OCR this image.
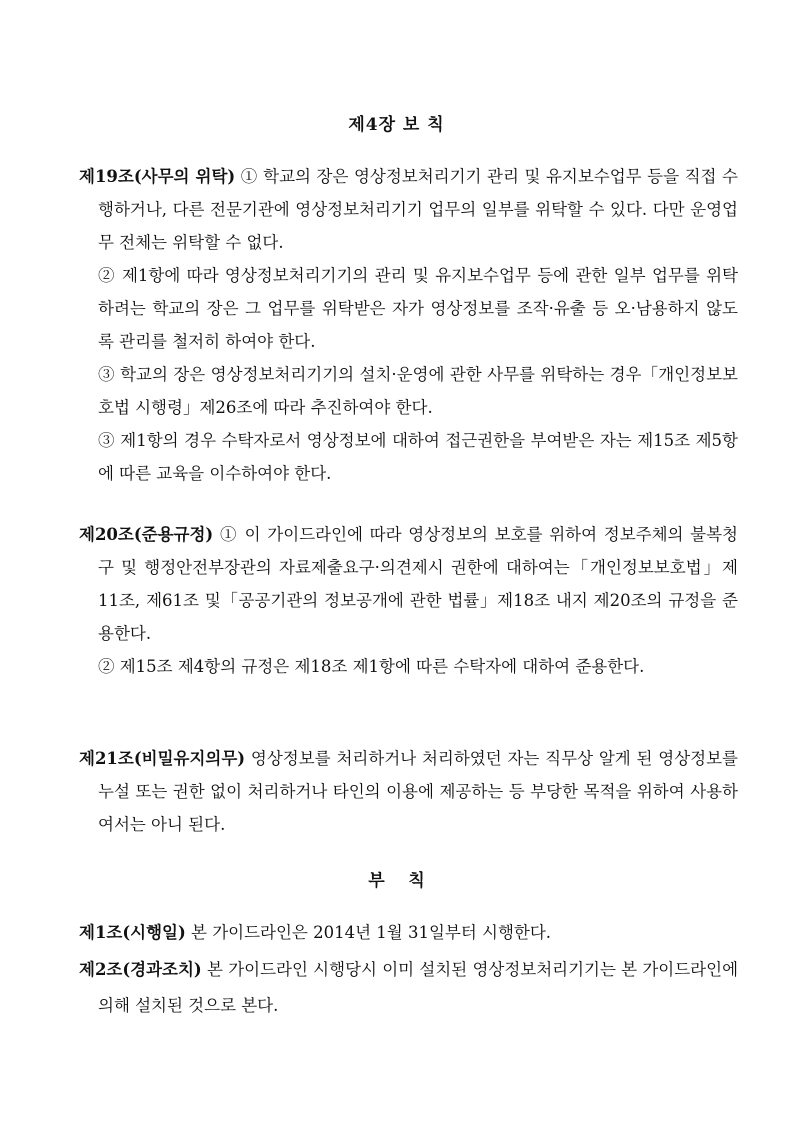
제4장 보 칙
제19조(사무의 위탁) ① 학교의 장은 영상정보처리기기 관리 및 유지보수업무 등을 직접 수행하거나, 다른 전문기관에 영상정보처리기기 업무의 일부를 위탁할 수 있다. 다만 운영업무 전체는 위탁할 수 없다.
② 제1항에 따라 영상정보처리기기의 관리 및 유지보수업무 등에 관한 일부 업무를 위탁하려는 학교의 장은 그 업무를 위탁받은 자가 영상정보를 조작·유출 등 오·남용하지 않도록 관리를 철저히 하여야 한다.
③ 학교의 장은 영상정보처리기기의 설치·운영에 관한 사무를 위탁하는 경우「개인정보보호법 시행령」제26조에 따라 추진하여야 한다.
③ 제1항의 경우 수탁자로서 영상정보에 대하여 접근권한을 부여받은 자는 제15조 제5항에 따른 교육을 이수하여야 한다.
제20조(준용규정) ① 이 가이드라인에 따라 영상정보의 보호를 위하여 정보주체의 불복청구 및 행정안전부장관의 자료제출요구·의견제시 권한에 대하여는「개인정보보호법」제11조, 제61조 및「공공기관의 정보공개에 관한 법률」제18조 내지 제20조의 규정을 준용한다.
② 제15조 제4항의 규정은 제18조 제1항에 따른 수탁자에 대하여 준용한다.
제21조(비밀유지의무) 영상정보를 처리하거나 처리하였던 자는 직무상 알게 된 영상정보를 누설 또는 권한 없이 처리하거나 타인의 이용에 제공하는 등 부당한 목적을 위하여 사용하여서는 아니 된다.
부    칙
제1조(시행일) 본 가이드라인은 2014년 1월 31일부터 시행한다.
제2조(경과조치) 본 가이드라인 시행당시 이미 설치된 영상정보처리기기는 본 가이드라인에 의해 설치된 것으로 본다.
